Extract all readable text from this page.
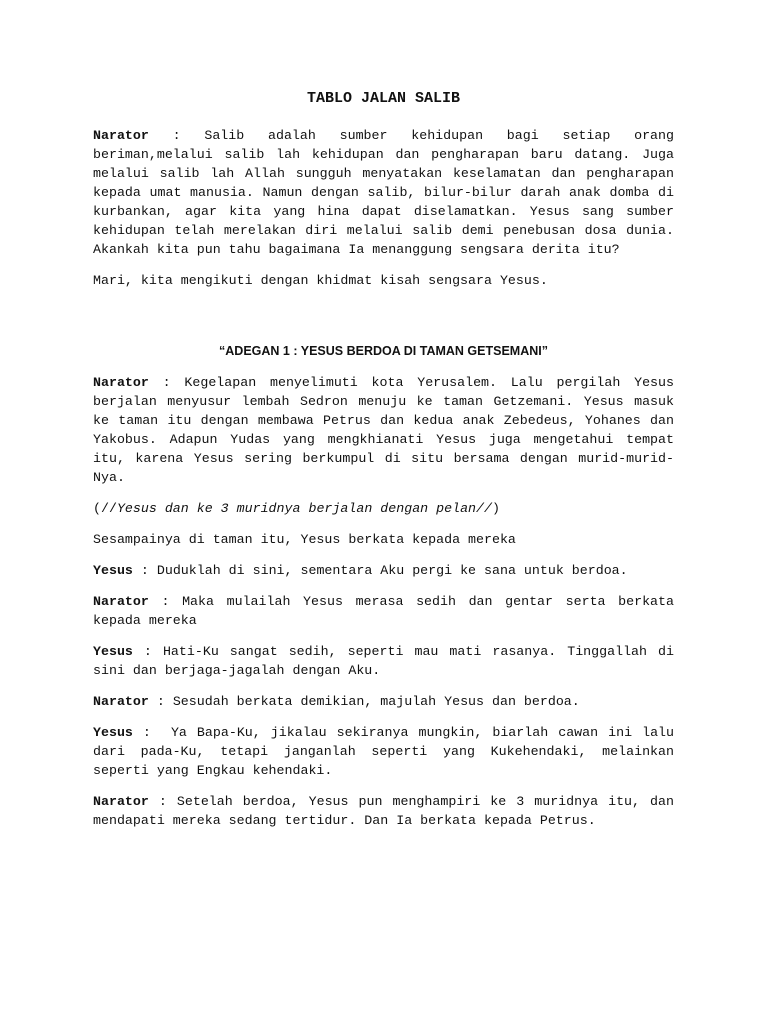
TABLO JALAN SALIB

Narator : Salib adalah sumber kehidupan bagi setiap orang beriman,melalui salib lah kehidupan dan pengharapan baru datang. Juga melalui salib lah Allah sungguh menyatakan keselamatan dan pengharapan kepada umat manusia. Namun dengan salib, bilur-bilur darah anak domba di kurbankan, agar kita yang hina dapat diselamatkan. Yesus sang sumber kehidupan telah merelakan diri melalui salib demi penebusan dosa dunia. Akankah kita pun tahu bagaimana Ia menanggung sengsara derita itu?

Mari, kita mengikuti dengan khidmat kisah sengsara Yesus.

“ADEGAN 1 : YESUS BERDOA DI TAMAN GETSEMANI”

Narator : Kegelapan menyelimuti kota Yerusalem. Lalu pergilah Yesus berjalan menyusur lembah Sedron menuju ke taman Getzemani. Yesus masuk ke taman itu dengan membawa Petrus dan kedua anak Zebedeus, Yohanes dan Yakobus. Adapun Yudas yang mengkhianati Yesus juga mengetahui tempat itu, karena Yesus sering berkumpul di situ bersama dengan murid-murid-Nya.

(//Yesus dan ke 3 muridnya berjalan dengan pelan//)

Sesampainya di taman itu, Yesus berkata kepada mereka

Yesus : Duduklah di sini, sementara Aku pergi ke sana untuk berdoa.

Narator : Maka mulailah Yesus merasa sedih dan gentar serta berkata kepada mereka

Yesus : Hati-Ku sangat sedih, seperti mau mati rasanya. Tinggallah di sini dan berjaga-jagalah dengan Aku.

Narator : Sesudah berkata demikian, majulah Yesus dan berdoa.

Yesus :  Ya Bapa-Ku, jikalau sekiranya mungkin, biarlah cawan ini lalu dari pada-Ku, tetapi janganlah seperti yang Kukehendaki, melainkan seperti yang Engkau kehendaki.

Narator : Setelah berdoa, Yesus pun menghampiri ke 3 muridnya itu, dan mendapati mereka sedang tertidur. Dan Ia berkata kepada Petrus.
